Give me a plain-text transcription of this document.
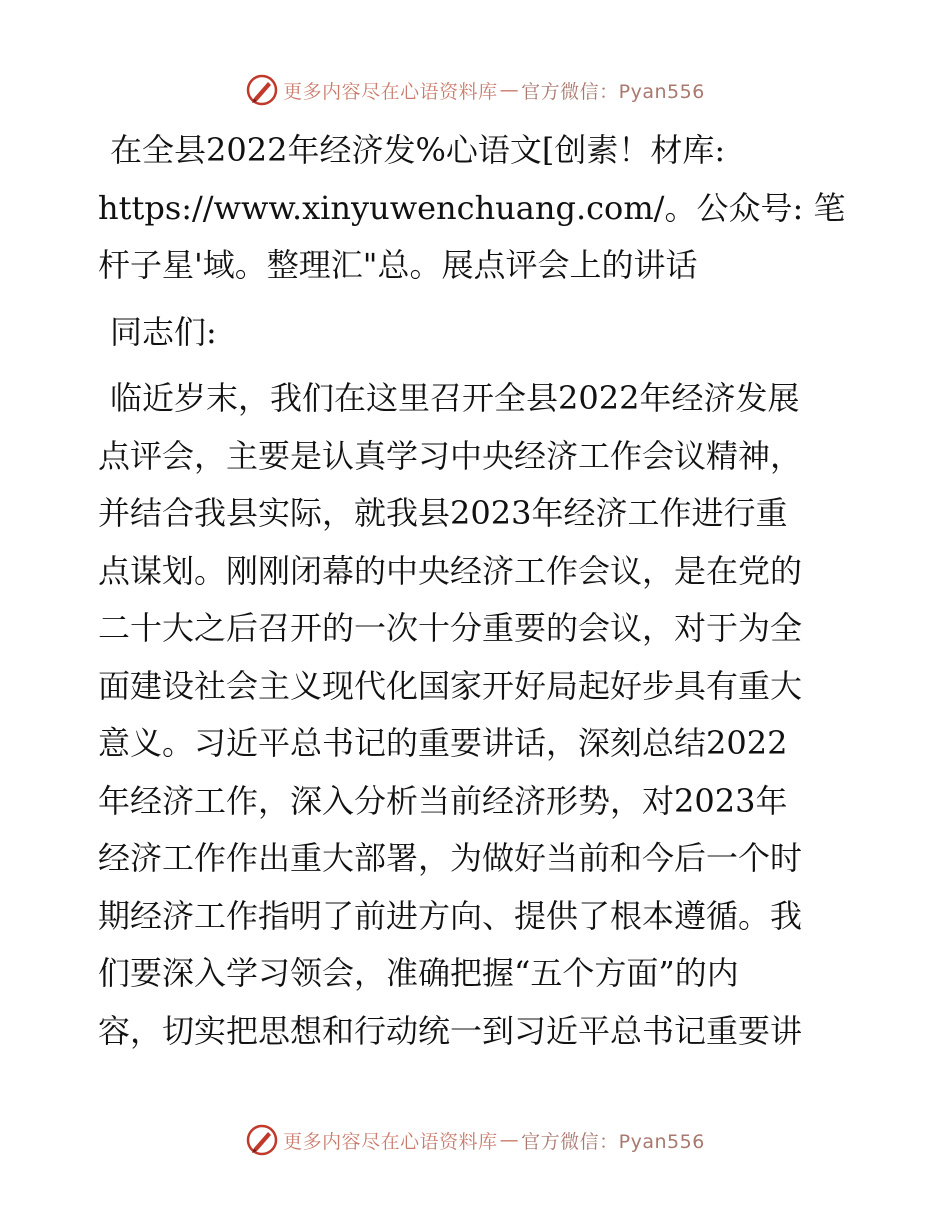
更多内容尽在心语资料库 — 官方微信：Pyan556
在全县2022年经济发%心语文[创素！材库:
https://www.xinyuwenchuang.com/。公众号: 笔
杆子星'域。整理汇"总。展点评会上的讲话
同志们:
临近岁末，我们在这里召开全县2022年经济发展
点评会，主要是认真学习中央经济工作会议精神，
并结合我县实际，就我县2023年经济工作进行重
点谋划。刚刚闭幕的中央经济工作会议，是在党的
二十大之后召开的一次十分重要的会议，对于为全
面建设社会主义现代化国家开好局起好步具有重大
意义。习近平总书记的重要讲话，深刻总结2022
年经济工作，深入分析当前经济形势，对2023年
经济工作作出重大部署，为做好当前和今后一个时
期经济工作指明了前进方向、提供了根本遵循。我
们要深入学习领会，准确把握“五个方面”的内
容，切实把思想和行动统一到习近平总书记重要讲
更多内容尽在心语资料库 — 官方微信：Pyan556
